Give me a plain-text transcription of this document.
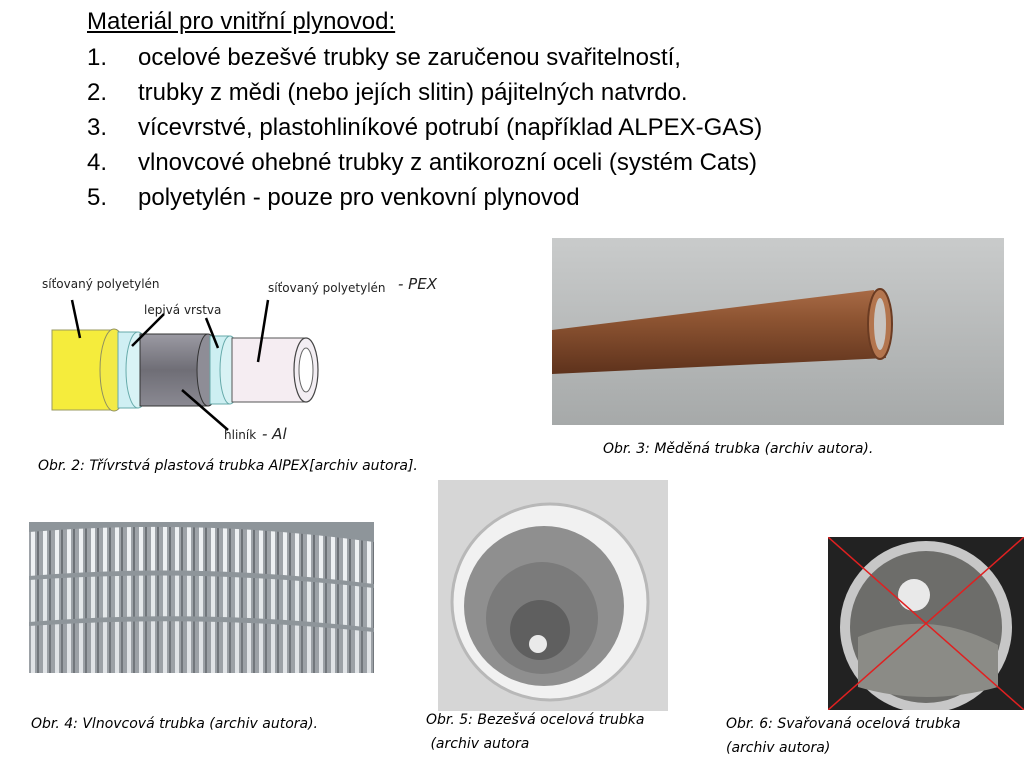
Materiál pro vnitřní plynovod:
1. ocelové bezešvé trubky se zaručenou svařitelností,
2. trubky z mědi (nebo jejích slitin) pájitelných natvrdo.
3. vícevrstvé, plastohliníkové potrubí (například ALPEX-GAS)
4. vlnovcové ohebné trubky z antikorozní oceli (systém Cats)
5. polyetylén - pouze pro venkovní plynovod
síťovaný polyetylén
lepivá vrstva
síťovaný polyetylén - PEX
hliník - Al
Obr. 2: Třívrstvá plastová trubka AlPEX[archiv autora].
Obr. 3: Měděná trubka (archiv autora).
Obr. 4: Vlnovcová trubka (archiv autora).	Obr. 5: Bezešvá ocelová trubka
(archiv autora
Obr. 6: Svařovaná ocelová trubka
(archiv autora)
